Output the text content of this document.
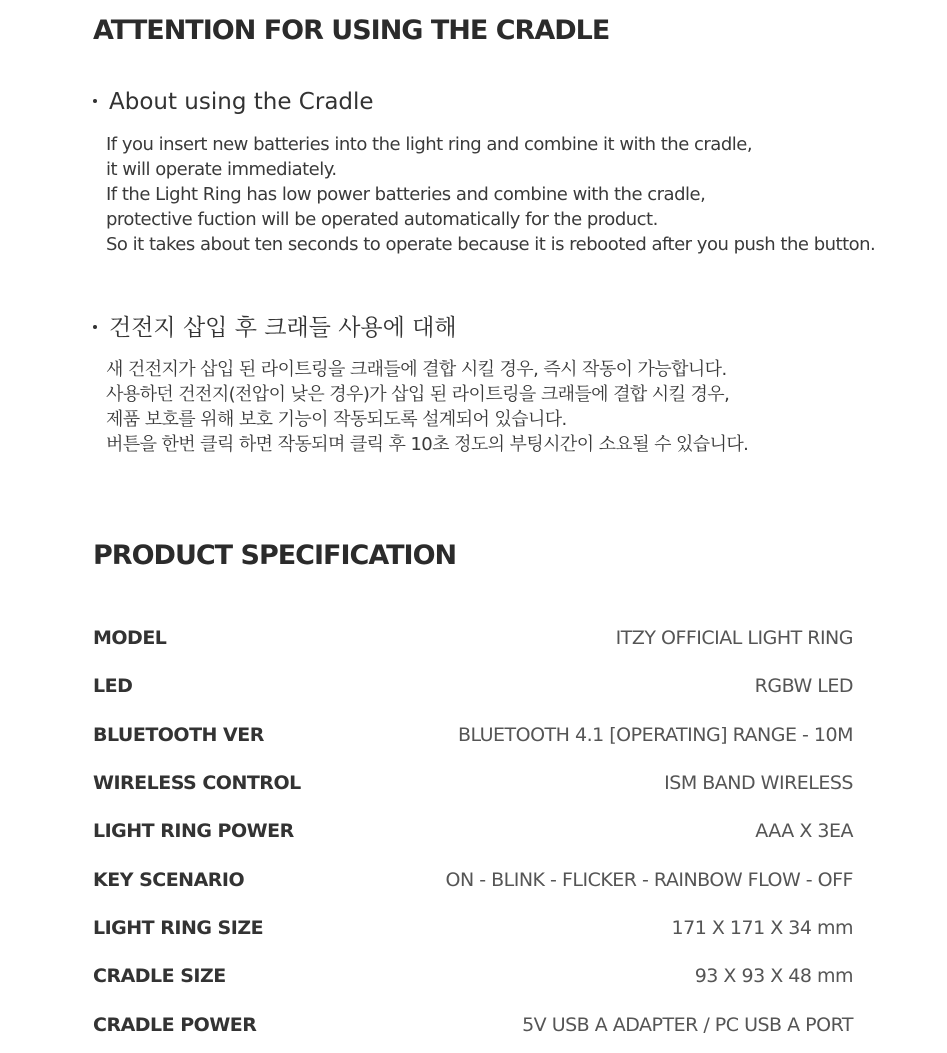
ATTENTION FOR USING THE CRADLE
About using the Cradle
If you insert new batteries into the light ring and combine it with the cradle,
it will operate immediately.
If the Light Ring has low power batteries and combine with the cradle,
protective fuction will be operated automatically for the product.
So it takes about ten seconds to operate because it is rebooted after you push the button.
건전지 삽입 후 크래들 사용에 대해
새 건전지가 삽입 된 라이트링을 크래들에 결합 시킬 경우, 즉시 작동이 가능합니다.
사용하던 건전지(전압이 낮은 경우)가 삽입 된 라이트링을 크래들에 결합 시킬 경우,
제품 보호를 위해 보호 기능이 작동되도록 설계되어 있습니다.
버튼을 한번 클릭 하면 작동되며 클릭 후 10초 정도의 부팅시간이 소요될 수 있습니다.
PRODUCT SPECIFICATION
MODEL	ITZY OFFICIAL LIGHT RING
LED	RGBW LED
BLUETOOTH VER	BLUETOOTH 4.1 [OPERATING] RANGE - 10M
WIRELESS CONTROL	ISM BAND WIRELESS
LIGHT RING POWER	AAA X 3EA
KEY SCENARIO	ON - BLINK - FLICKER - RAINBOW FLOW - OFF
LIGHT RING SIZE	171 X 171 X 34 mm
CRADLE SIZE	93 X 93 X 48 mm
CRADLE POWER	5V USB A ADAPTER / PC USB A PORT
